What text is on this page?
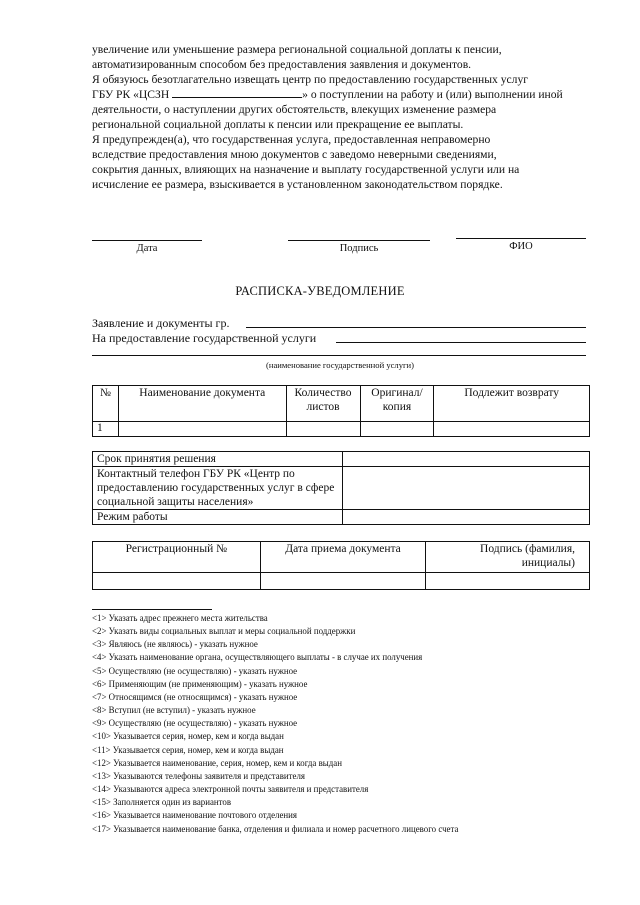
увеличение или уменьшение размера региональной социальной доплаты к пенсии,

автоматизированным способом без предоставления заявления и документов.

Я обязуюсь безотлагательно извещать центр по предоставлению государственных услуг

ГБУ РК «ЦСЗН	» о поступлении на работу и (или) выполнении иной

деятельности, о наступлении других обстоятельств, влекущих изменение размера

региональной социальной доплаты к пенсии или прекращение ее выплаты.

Я предупрежден(а), что государственная услуга, предоставленная неправомерно

вследствие предоставления мною документов с заведомо неверными сведениями,

сокрытия данных, влияющих на назначение и выплату государственной услуги или на

исчисление ее размера, взыскивается в установленном законодательством порядке.

Дата	Подпись	ФИО
РАСПИСКА-УВЕДОМЛЕНИЕ
Заявление и документы гр.
На предоставление государственной услуги
(наименование государственной услуги)
№	Наименование документа	Количество листов	Оригинал/ копия	Подлежит возврату
1				
Срок принятия решения	
Контактный телефон ГБУ РК «Центр по предоставлению государственных услуг в сфере социальной защиты населения»	
Режим работы	
Регистрационный №	Дата приема документа	Подпись (фамилия, инициалы)

<1> Указать адрес прежнего места жительства
<2> Указать виды социальных выплат и меры социальной поддержки
<3> Являюсь (не являюсь) - указать нужное
<4> Указать наименование органа, осуществляющего выплаты - в случае их получения
<5> Осуществляю (не осуществляю) - указать нужное
<6> Применяющим (не применяющим) - указать нужное
<7> Относящимся (не относящимся) - указать нужное
<8> Вступил (не вступил) - указать нужное
<9> Осуществляю (не осуществляю) - указать нужное
<10> Указывается серия, номер, кем и когда выдан
<11> Указывается серия, номер, кем и когда выдан
<12> Указывается наименование, серия, номер, кем и когда выдан
<13> Указываются телефоны заявителя и представителя
<14> Указываются адреса электронной почты заявителя и представителя
<15> Заполняется один из вариантов
<16> Указывается наименование почтового отделения
<17> Указывается наименование банка, отделения и филиала и номер расчетного лицевого счета
